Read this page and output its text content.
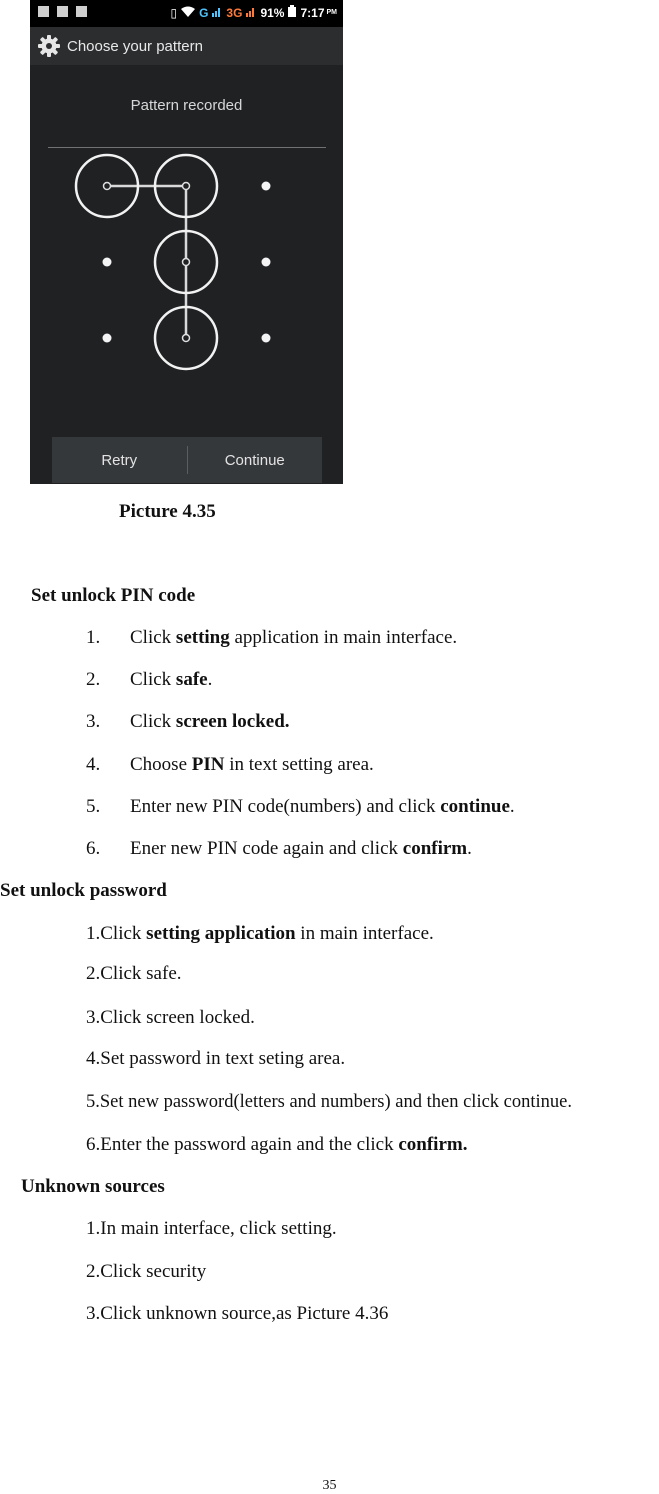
▯ G 3G 91% 7:17 PM
Choose your pattern
Pattern recorded
Retry	Continue
Picture 4.35
Set unlock PIN code
1. Click setting application in main interface.
2. Click safe.
3. Click screen locked.
4. Choose PIN in text setting area.
5. Enter new PIN code(numbers) and click continue.
6. Ener new PIN code again and click confirm.
Set unlock password
1.Click setting application in main interface.
2.Click safe.
3.Click screen locked.
4.Set password in text seting area.
5.Set new password(letters and numbers) and then click continue.
6.Enter the password again and the click confirm.
Unknown sources
1.In main interface, click setting.
2.Click security
3.Click unknown source,as Picture 4.36
35
